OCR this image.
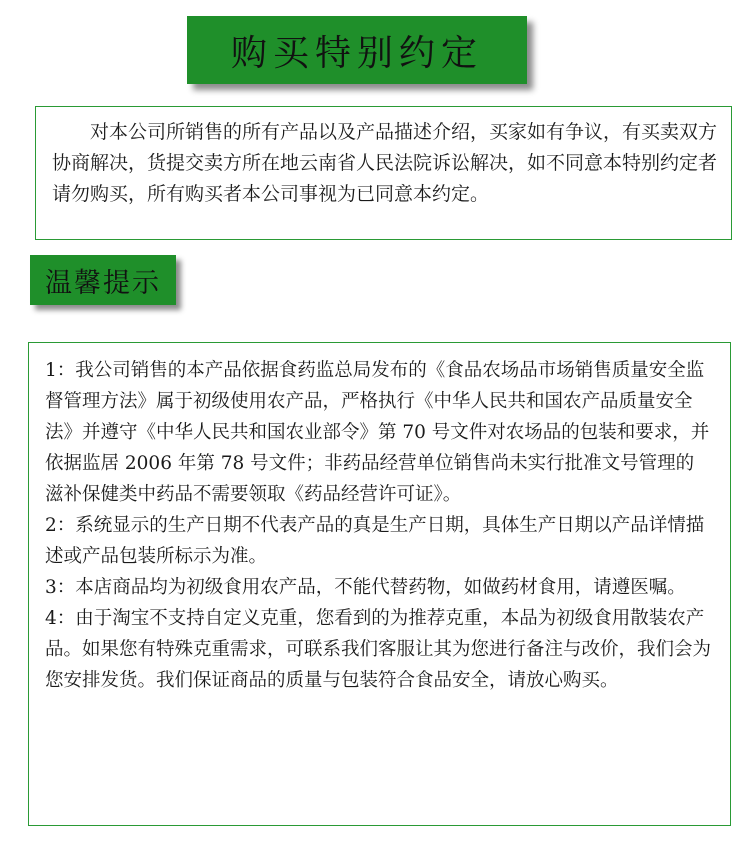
购买特别约定

对本公司所销售的所有产品以及产品描述介绍，买家如有争议，有买卖双方协商解决，货提交卖方所在地云南省人民法院诉讼解决，如不同意本特别约定者请勿购买，所有购买者本公司事视为已同意本约定。

温馨提示

1：我公司销售的本产品依据食药监总局发布的《食品农场品市场销售质量安全监督管理方法》属于初级使用农产品，严格执行《中华人民共和国农产品质量安全法》并遵守《中华人民共和国农业部令》第 70 号文件对农场品的包装和要求，并依据监居 2006 年第 78 号文件；非药品经营单位销售尚未实行批准文号管理的滋补保健类中药品不需要领取《药品经营许可证》。

2：系统显示的生产日期不代表产品的真是生产日期，具体生产日期以产品详情描述或产品包装所标示为准。

3：本店商品均为初级食用农产品，不能代替药物，如做药材食用，请遵医嘱。

4：由于淘宝不支持自定义克重，您看到的为推荐克重，本品为初级食用散装农产品。如果您有特殊克重需求，可联系我们客服让其为您进行备注与改价，我们会为您安排发货。我们保证商品的质量与包装符合食品安全，请放心购买。
